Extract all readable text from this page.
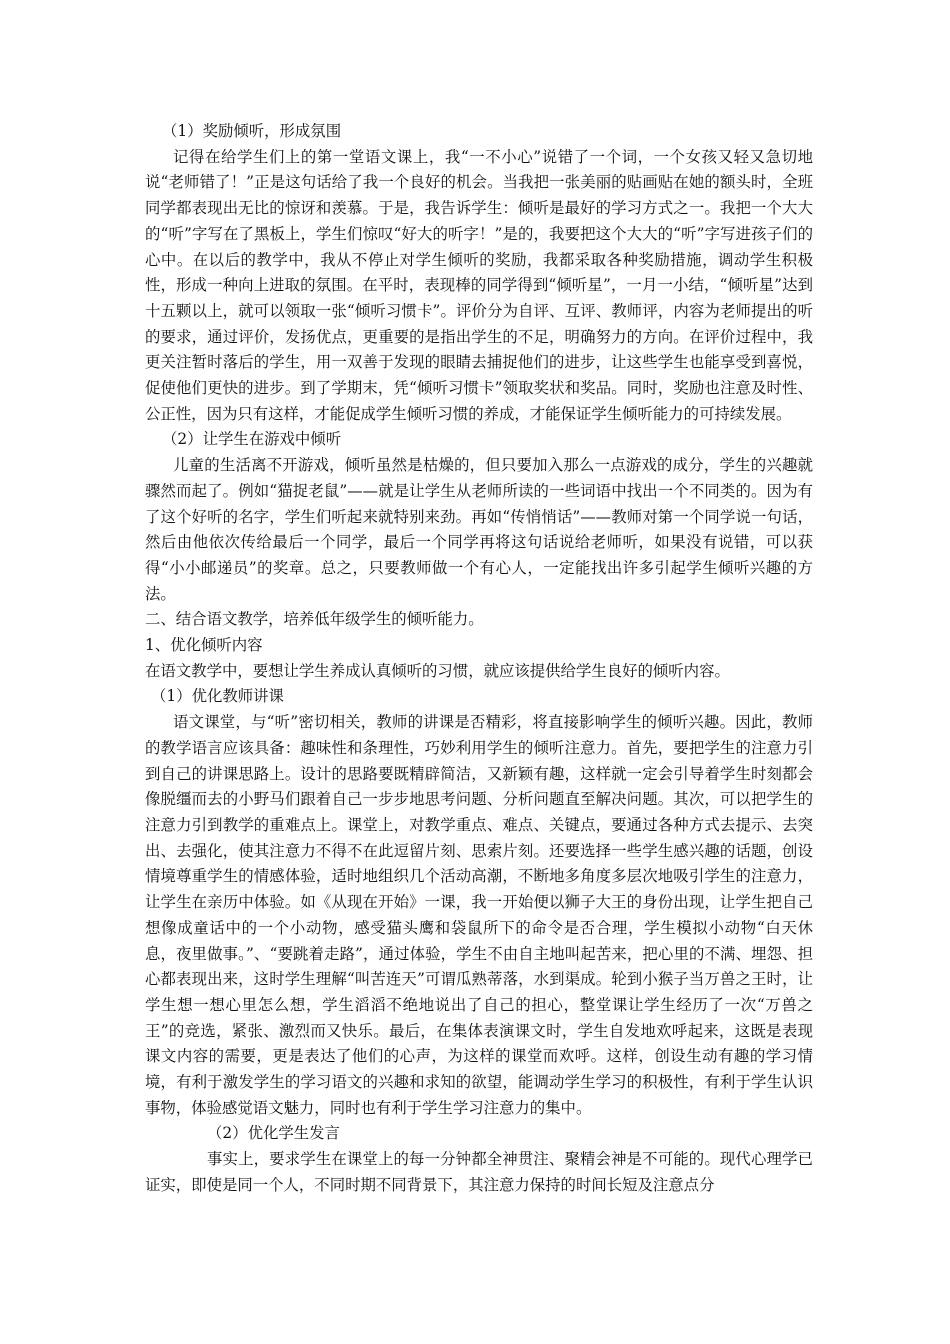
（1）奖励倾听，形成氛围

记得在给学生们上的第一堂语文课上，我“一不小心”说错了一个词，一个女孩又轻又急切地说“老师错了！”正是这句话给了我一个良好的机会。当我把一张美丽的贴画贴在她的额头时，全班同学都表现出无比的惊讶和羡慕。于是，我告诉学生：倾听是最好的学习方式之一。我把一个大大的“听”字写在了黑板上，学生们惊叹“好大的听字！”是的，我要把这个大大的“听”字写进孩子们的心中。在以后的教学中，我从不停止对学生倾听的奖励，我都采取各种奖励措施，调动学生积极性，形成一种向上进取的氛围。在平时，表现棒的同学得到“倾听星”，一月一小结，“倾听星”达到十五颗以上，就可以领取一张“倾听习惯卡”。评价分为自评、互评、教师评，内容为老师提出的听的要求，通过评价，发扬优点，更重要的是指出学生的不足，明确努力的方向。在评价过程中，我更关注暂时落后的学生，用一双善于发现的眼睛去捕捉他们的进步，让这些学生也能享受到喜悦，促使他们更快的进步。到了学期末，凭“倾听习惯卡”领取奖状和奖品。同时，奖励也注意及时性、公正性，因为只有这样，才能促成学生倾听习惯的养成，才能保证学生倾听能力的可持续发展。

（2）让学生在游戏中倾听

儿童的生活离不开游戏，倾听虽然是枯燥的，但只要加入那么一点游戏的成分，学生的兴趣就骤然而起了。例如“猫捉老鼠”——就是让学生从老师所读的一些词语中找出一个不同类的。因为有了这个好听的名字，学生们听起来就特别来劲。再如“传悄悄话”——教师对第一个同学说一句话，然后由他依次传给最后一个同学，最后一个同学再将这句话说给老师听，如果没有说错，可以获得“小小邮递员”的奖章。总之，只要教师做一个有心人，一定能找出许多引起学生倾听兴趣的方法。

二、结合语文教学，培养低年级学生的倾听能力。

1、优化倾听内容

在语文教学中，要想让学生养成认真倾听的习惯，就应该提供给学生良好的倾听内容。

（1）优化教师讲课

语文课堂，与“听”密切相关，教师的讲课是否精彩，将直接影响学生的倾听兴趣。因此，教师的教学语言应该具备：趣味性和条理性，巧妙利用学生的倾听注意力。首先，要把学生的注意力引到自己的讲课思路上。设计的思路要既精辟简洁，又新颖有趣，这样就一定会引导着学生时刻都会像脱缰而去的小野马们跟着自己一步步地思考问题、分析问题直至解决问题。其次，可以把学生的注意力引到教学的重难点上。课堂上，对教学重点、难点、关键点，要通过各种方式去提示、去突出、去强化，使其注意力不得不在此逗留片刻、思索片刻。还要选择一些学生感兴趣的话题，创设情境尊重学生的情感体验，适时地组织几个活动高潮，不断地多角度多层次地吸引学生的注意力，让学生在亲历中体验。如《从现在开始》一课，我一开始便以狮子大王的身份出现，让学生把自己想像成童话中的一个小动物，感受猫头鹰和袋鼠所下的命令是否合理，学生模拟小动物“白天休息，夜里做事。”、“要跳着走路”，通过体验，学生不由自主地叫起苦来，把心里的不满、埋怨、担心都表现出来，这时学生理解“叫苦连天”可谓瓜熟蒂落，水到渠成。轮到小猴子当万兽之王时，让学生想一想心里怎么想，学生滔滔不绝地说出了自己的担心，整堂课让学生经历了一次“万兽之王”的竞选，紧张、激烈而又快乐。最后，在集体表演课文时，学生自发地欢呼起来，这既是表现课文内容的需要，更是表达了他们的心声，为这样的课堂而欢呼。这样，创设生动有趣的学习情境，有利于激发学生的学习语文的兴趣和求知的欲望，能调动学生学习的积极性，有利于学生认识事物，体验感觉语文魅力，同时也有利于学生学习注意力的集中。

（2）优化学生发言

事实上，要求学生在课堂上的每一分钟都全神贯注、聚精会神是不可能的。现代心理学已证实，即使是同一个人，不同时期不同背景下，其注意力保持的时间长短及注意点分
